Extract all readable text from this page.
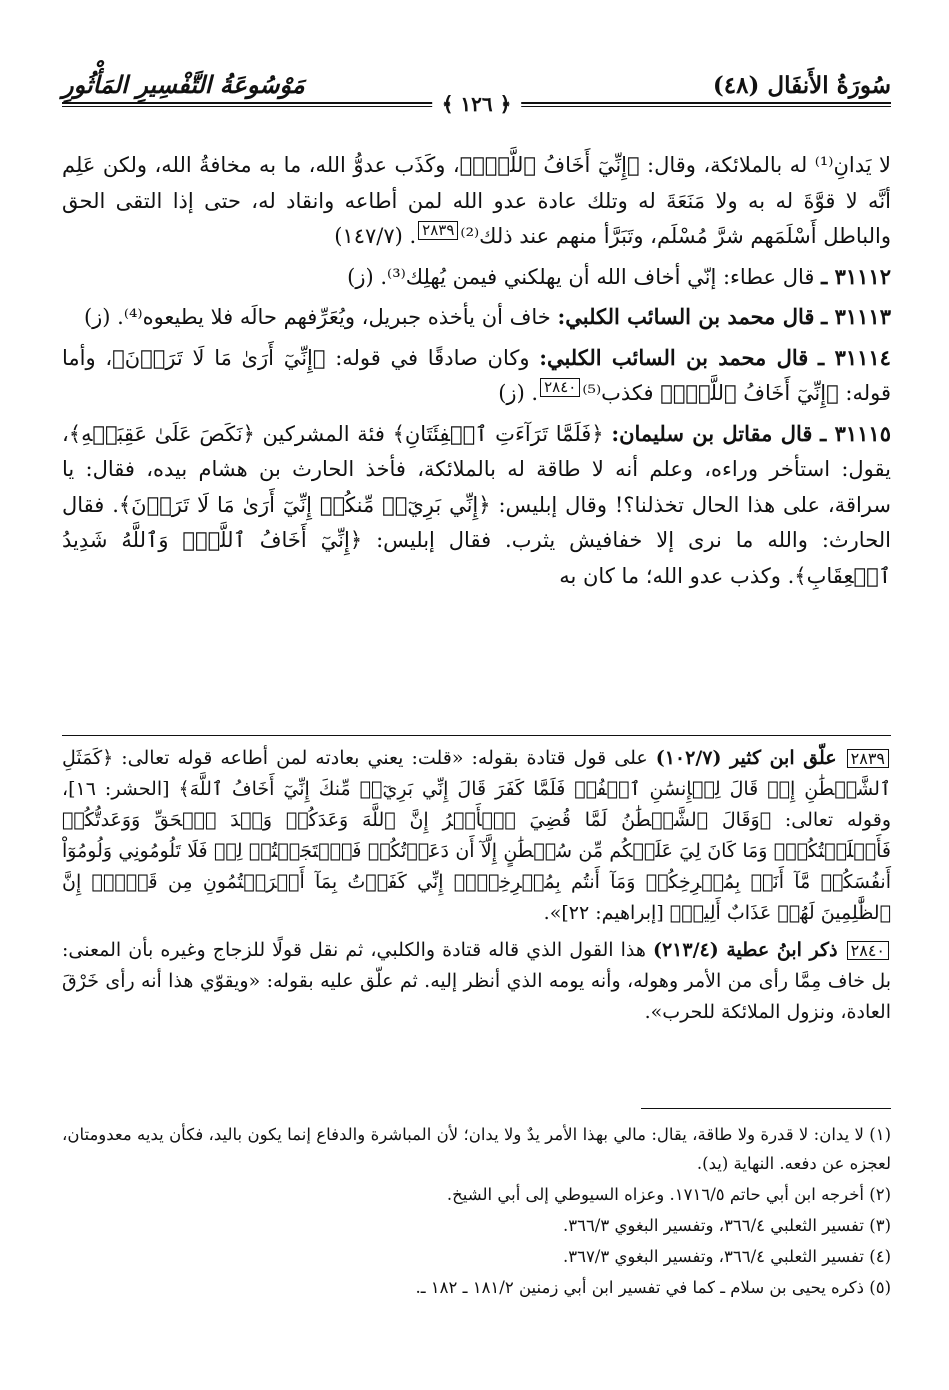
سُورَةُ الأَنفَال (٤٨)
﴿ ١٢٦ ﴾
مَوْسُوعَةُ التَّفْسِيرِ المَأْثُورِ

لا يَدانِ⁽¹⁾ له بالملائكة، وقال: ﴿إِنِّيٓ أَخَافُ ٱللَّهَۚ﴾، وكَذَب عدوُّ الله، ما به مخافةُ الله، ولكن عَلِم أنَّه لا قوَّةَ له به ولا مَنَعَةَ له وتلك عادة عدو الله لمن أطاعه وانقاد له، حتى إذا التقى الحق والباطل أَسْلَمَهم شرَّ مُسْلَم، وتَبَرَّأ منهم عند ذلك⁽²⁾٢٨٣٩. (١٤٧/٧)

٣١١١٢ ـ قال عطاء: إنّي أخاف الله أن يهلكني فيمن يُهلِك⁽³⁾. (ز)

٣١١١٣ ـ قال محمد بن السائب الكلبي: خاف أن يأخذه جبريل، ويُعَرِّفهم حالَه فلا يطيعوه⁽⁴⁾. (ز)

٣١١١٤ ـ قال محمد بن السائب الكلبي: وكان صادقًا في قوله: ﴿إِنِّيٓ أَرَىٰ مَا لَا تَرَوۡنَ﴾، وأما قوله: ﴿إِنِّيٓ أَخَافُ ٱللَّهَۚ﴾ فكذب⁽⁵⁾٢٨٤٠. (ز)

٣١١١٥ ـ قال مقاتل بن سليمان: ﴿فَلَمَّا تَرَآءَتِ ٱلۡفِئَتَانِ﴾ فئة المشركين ﴿نَكَصَ عَلَىٰ عَقِبَيۡهِ﴾، يقول: استأخر وراءه، وعلم أنه لا طاقة له بالملائكة، فأخذ الحارث بن هشام بيده، فقال: يا سراقة، على هذا الحال تخذلنا؟! وقال إبليس: ﴿إِنِّي بَرِيٓءٞ مِّنكُمۡ إِنِّيٓ أَرَىٰ مَا لَا تَرَوۡنَ﴾. فقال الحارث: والله ما نرى إلا خفافيش يثرب. فقال إبليس: ﴿إِنِّيٓ أَخَافُ ٱللَّهَۚ وَٱللَّهُ شَدِيدُ ٱلۡعِقَابِ﴾. وكذب عدو الله؛ ما كان به

٢٨٣٩ علّق ابن كثير (١٠٢/٧) على قول قتادة بقوله: «قلت: يعني بعادته لمن أطاعه قوله تعالى: ﴿كَمَثَلِ ٱلشَّيۡطَٰنِ إِذۡ قَالَ لِلۡإِنسَٰنِ ٱكۡفُرۡ فَلَمَّا كَفَرَ قَالَ إِنِّي بَرِيٓءٞ مِّنكَ إِنِّيٓ أَخَافُ ٱللَّهَ﴾ [الحشر: ١٦]، وقوله تعالى: ﴿وَقَالَ ٱلشَّيۡطَٰنُ لَمَّا قُضِيَ ٱلۡأَمۡرُ إِنَّ ٱللَّهَ وَعَدَكُمۡ وَعۡدَ ٱلۡحَقِّ وَوَعَدتُّكُمۡ فَأَخۡلَفۡتُكُمۡۖ وَمَا كَانَ لِيَ عَلَيۡكُم مِّن سُلۡطَٰنٍ إِلَّآ أَن دَعَوۡتُكُمۡ فَٱسۡتَجَبۡتُمۡ لِيۖ فَلَا تَلُومُونِي وَلُومُوٓاْ أَنفُسَكُمۖ مَّآ أَنَا۠ بِمُصۡرِخِكُمۡ وَمَآ أَنتُم بِمُصۡرِخِيَّۖ إِنِّي كَفَرۡتُ بِمَآ أَشۡرَكۡتُمُونِ مِن قَبۡلُۗ إِنَّ ٱلظَّٰلِمِينَ لَهُمۡ عَذَابٌ أَلِيمٞ﴾ [إبراهيم: ٢٢]».

٢٨٤٠ ذكر ابنُ عطية (٢١٣/٤) هذا القول الذي قاله قتادة والكلبي، ثم نقل قولًا للزجاج وغيره بأن المعنى: بل خاف مِمَّا رأى من الأمر وهوله، وأنه يومه الذي أنظر إليه. ثم علّق عليه بقوله: «ويقوّي هذا أنه رأى خَرْقَ العادة، ونزول الملائكة للحرب».

(١) لا يدان: لا قدرة ولا طاقة، يقال: مالي بهذا الأمر يدٌ ولا يدان؛ لأن المباشرة والدفاع إنما يكون باليد، فكأن يديه معدومتان، لعجزه عن دفعه. النهاية (يد).

(٢) أخرجه ابن أبي حاتم ١٧١٦/٥. وعزاه السيوطي إلى أبي الشيخ.

(٣) تفسير الثعلبي ٣٦٦/٤، وتفسير البغوي ٣٦٦/٣.

(٤) تفسير الثعلبي ٣٦٦/٤، وتفسير البغوي ٣٦٧/٣.

(٥) ذكره يحيى بن سلام ـ كما في تفسير ابن أبي زمنين ١٨١/٢ ـ ١٨٢ ـ.
